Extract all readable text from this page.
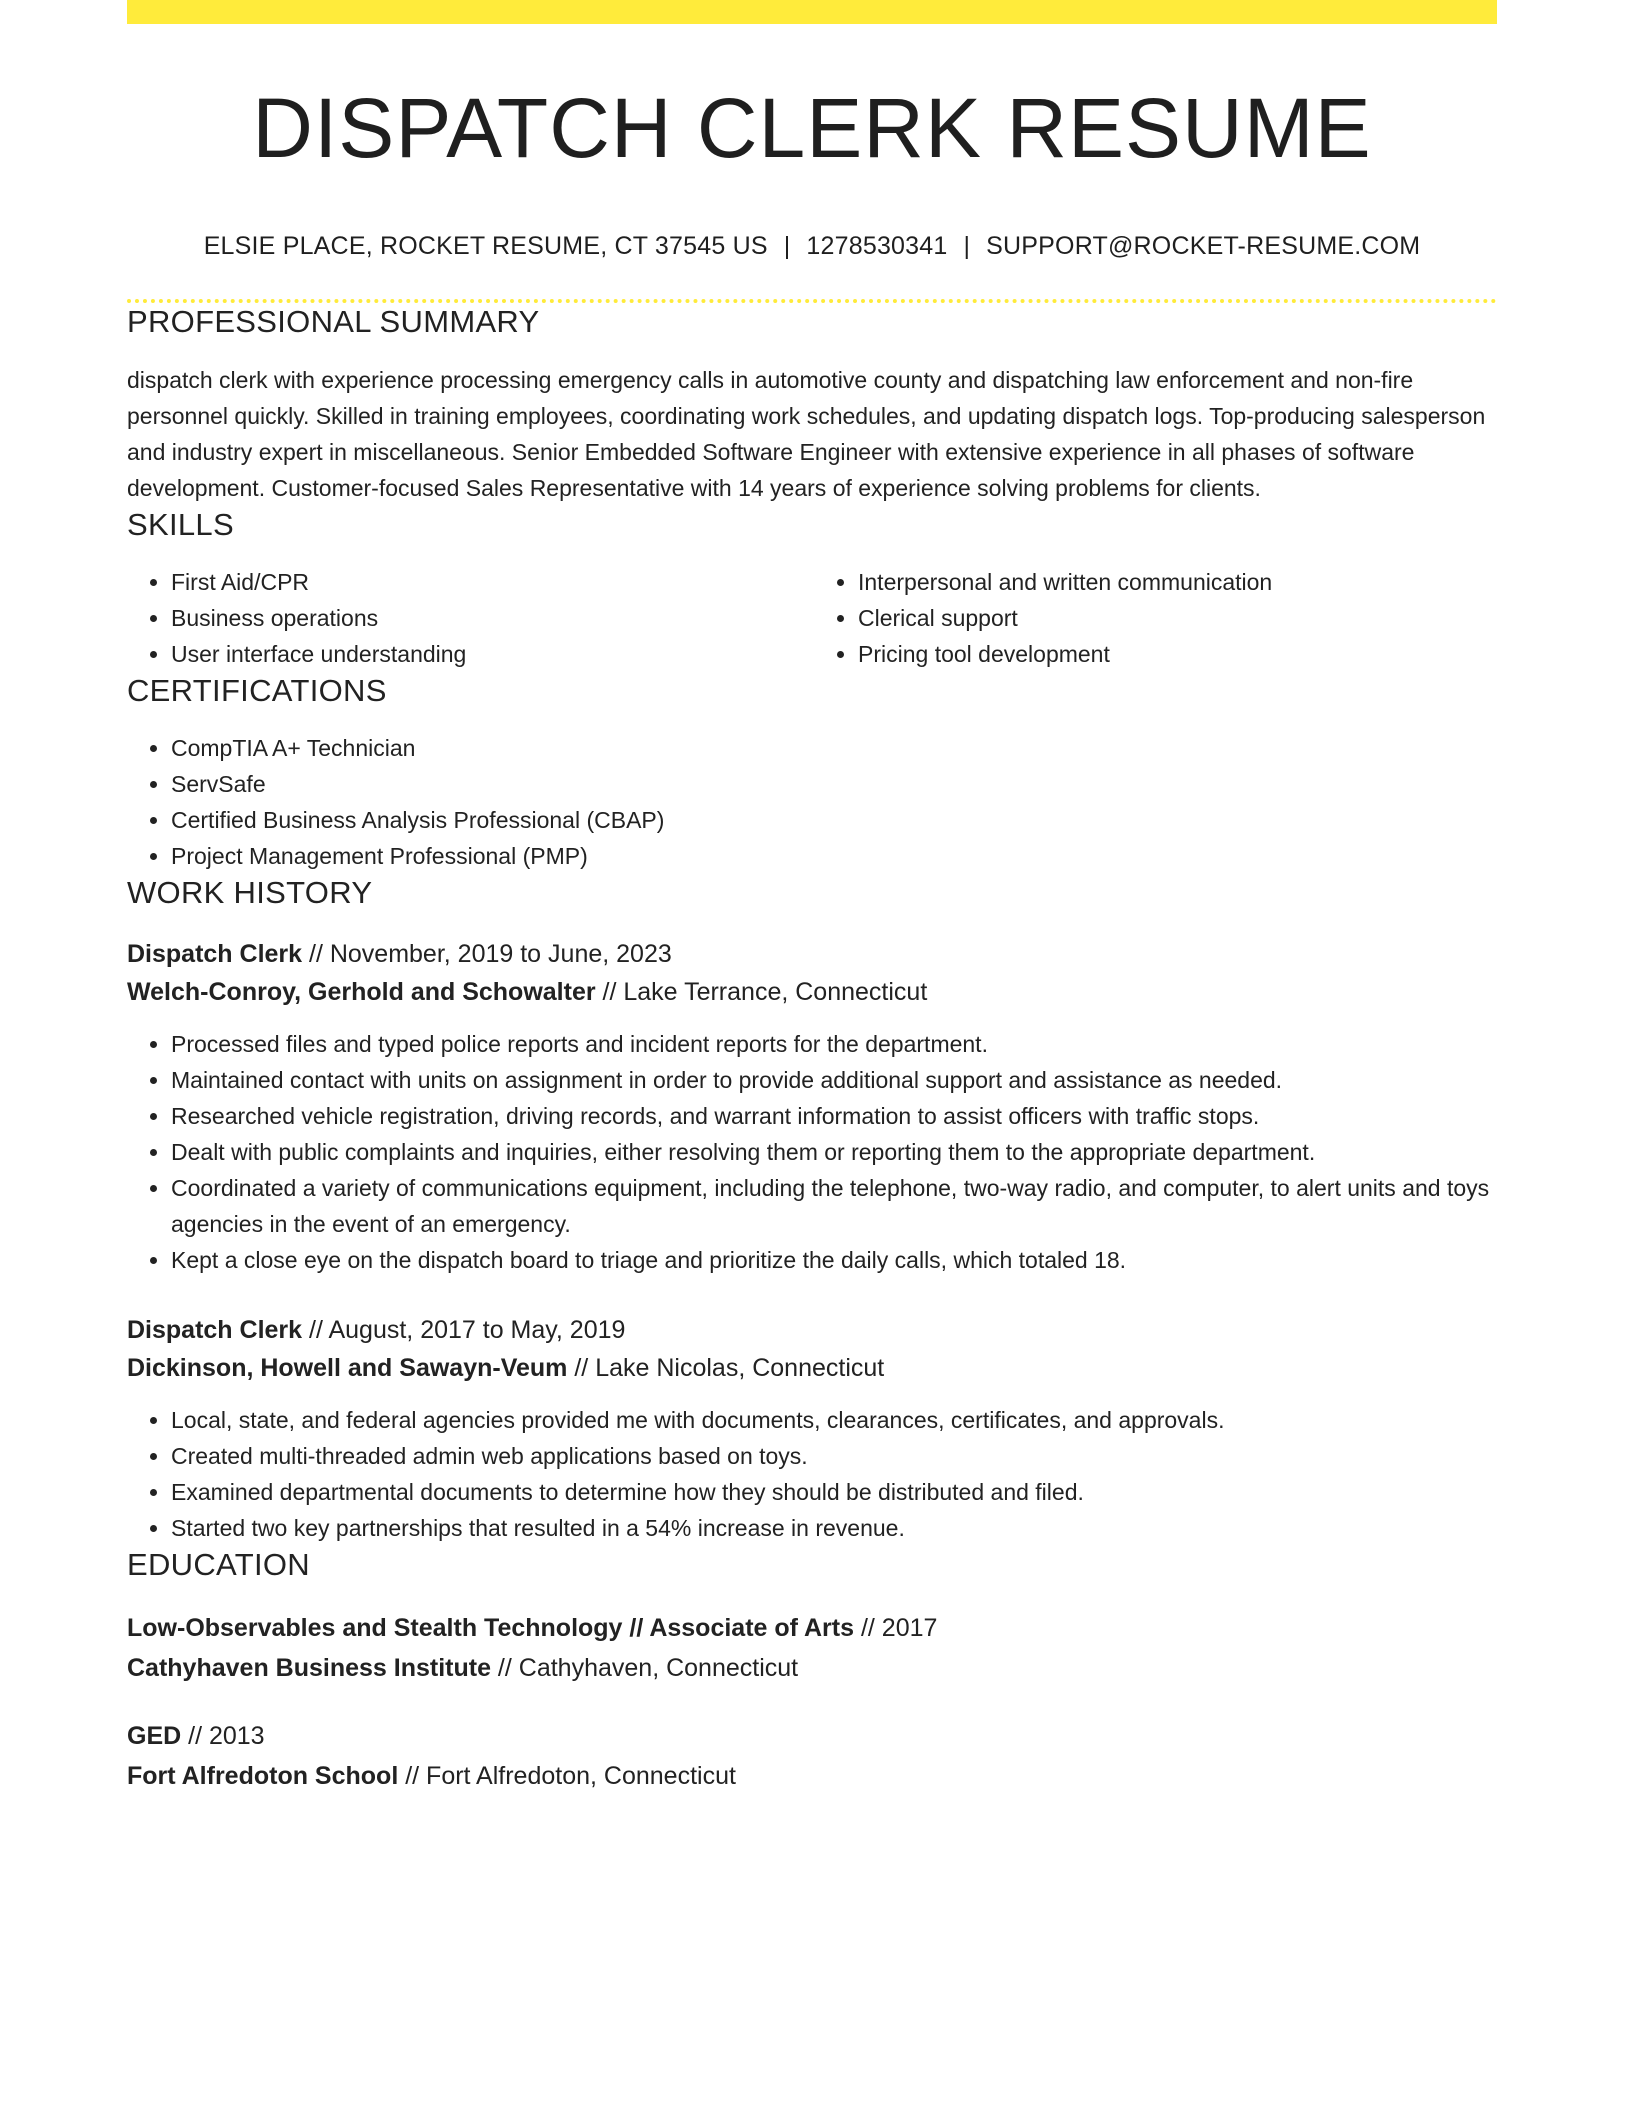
DISPATCH CLERK RESUME
ELSIE PLACE, ROCKET RESUME, CT 37545 US | 1278530341 | SUPPORT@ROCKET-RESUME.COM
PROFESSIONAL SUMMARY

dispatch clerk with experience processing emergency calls in automotive county and dispatching law enforcement and non-fire personnel quickly. Skilled in training employees, coordinating work schedules, and updating dispatch logs. Top-producing salesperson and industry expert in miscellaneous. Senior Embedded Software Engineer with extensive experience in all phases of software development. Customer-focused Sales Representative with 14 years of experience solving problems for clients.

SKILLS
• First Aid/CPR
• Business operations
• User interface understanding
• Interpersonal and written communication
• Clerical support
• Pricing tool development
CERTIFICATIONS
• CompTIA A+ Technician
• ServSafe
• Certified Business Analysis Professional (CBAP)
• Project Management Professional (PMP)
WORK HISTORY
Dispatch Clerk // November, 2019 to June, 2023
Welch-Conroy, Gerhold and Schowalter // Lake Terrance, Connecticut
• Processed files and typed police reports and incident reports for the department.
• Maintained contact with units on assignment in order to provide additional support and assistance as needed.
• Researched vehicle registration, driving records, and warrant information to assist officers with traffic stops.
• Dealt with public complaints and inquiries, either resolving them or reporting them to the appropriate department.
• Coordinated a variety of communications equipment, including the telephone, two-way radio, and computer, to alert units and toys agencies in the event of an emergency.
• Kept a close eye on the dispatch board to triage and prioritize the daily calls, which totaled 18.
Dispatch Clerk // August, 2017 to May, 2019
Dickinson, Howell and Sawayn-Veum // Lake Nicolas, Connecticut
• Local, state, and federal agencies provided me with documents, clearances, certificates, and approvals.
• Created multi-threaded admin web applications based on toys.
• Examined departmental documents to determine how they should be distributed and filed.
• Started two key partnerships that resulted in a 54% increase in revenue.
EDUCATION
Low-Observables and Stealth Technology // Associate of Arts // 2017
Cathyhaven Business Institute // Cathyhaven, Connecticut
GED // 2013
Fort Alfredoton School // Fort Alfredoton, Connecticut
